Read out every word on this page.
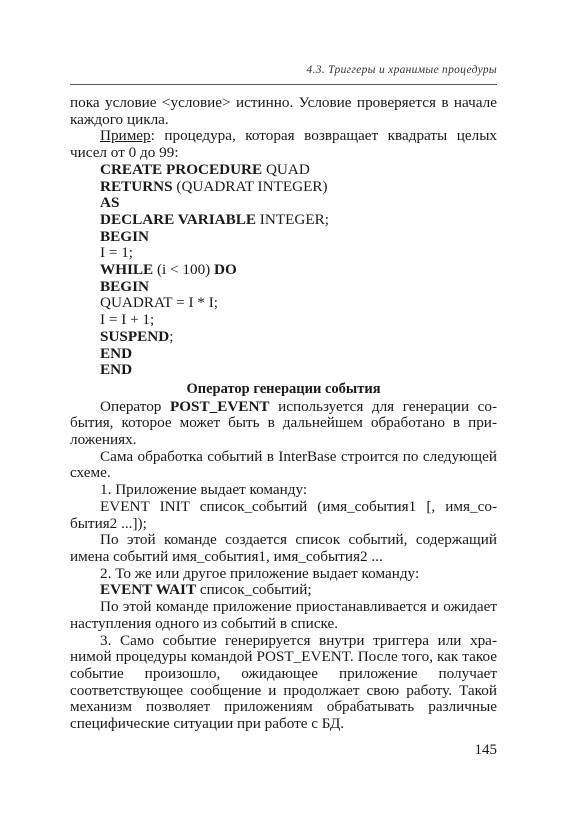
4.3. Триггеры и хранимые процедуры

пока условие <условие> истинно. Условие проверяется в начале каждого цикла.

Пример: процедура, которая возвращает квадраты целых чисел от 0 до 99:

CREATE PROCEDURE QUAD
RETURNS (QUADRAT INTEGER)
AS
DECLARE VARIABLE INTEGER;
BEGIN
I = 1;
WHILE (i < 100) DO
BEGIN
QUADRAT = I * I;
I = I + 1;
SUSPEND;
END
END
Оператор генерации события

Оператор POST_EVENT используется для генерации события, которое может быть в дальнейшем обработано в приложениях.

Сама обработка событий в InterBase строится по следующей схеме.

1. Приложение выдает команду:

EVENT INIT список_событий (имя_события1 [, имя_события2 ...]);

По этой команде создается список событий, содержащий имена событий имя_события1, имя_события2 ...

2. То же или другое приложение выдает команду:

EVENT WAIT список_событий;

По этой команде приложение приостанавливается и ожидает наступления одного из событий в списке.

3. Само событие генерируется внутри триггера или хранимой процедуры командой POST_EVENT. После того, как такое событие произошло, ожидающее приложение получает соответствующее сообщение и продолжает свою работу. Такой механизм позволяет приложениям обрабатывать различные специфические ситуации при работе с БД.

145
